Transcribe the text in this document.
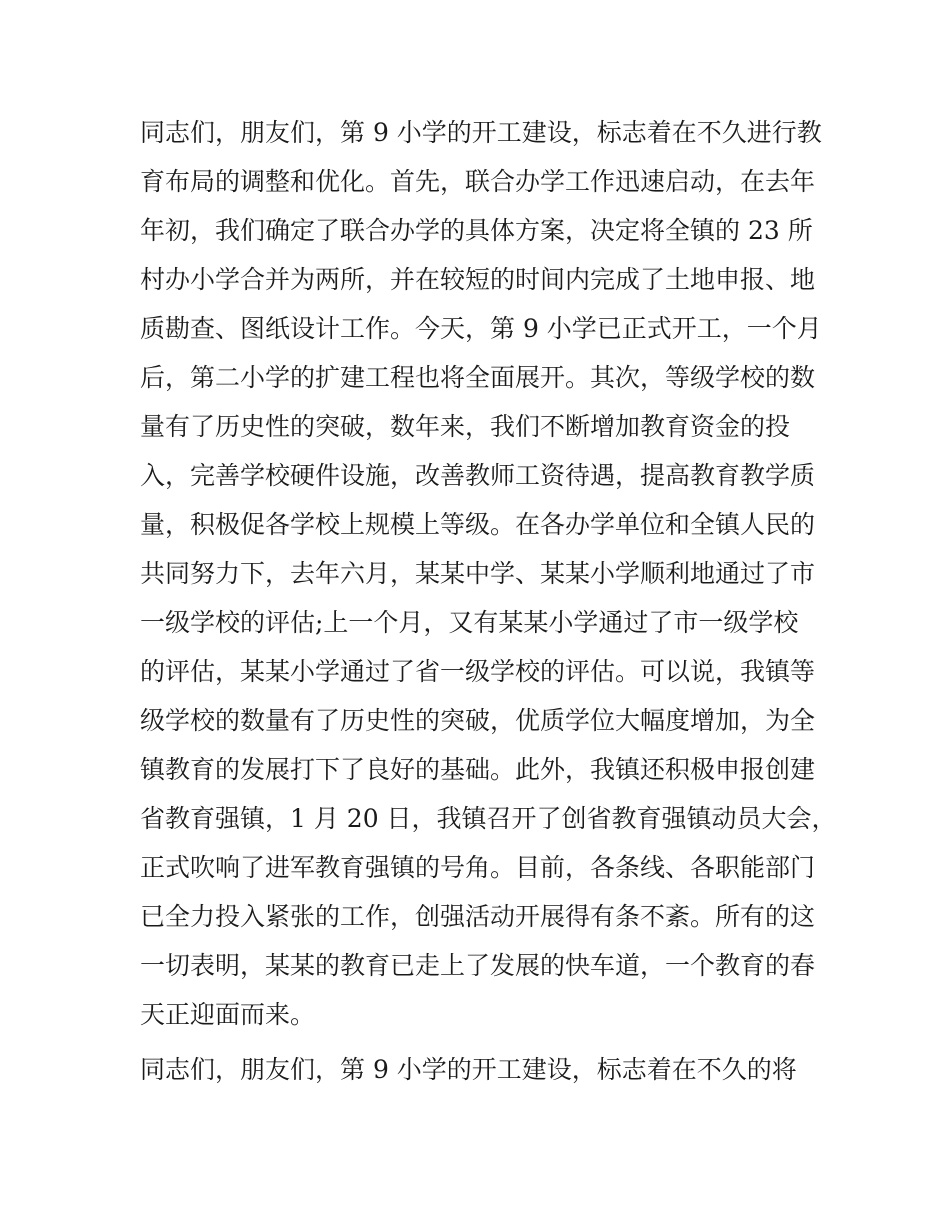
同志们，朋友们，第 9 小学的开工建设，标志着在不久进行教
育布局的调整和优化。首先，联合办学工作迅速启动，在去年
年初，我们确定了联合办学的具体方案，决定将全镇的 23 所
村办小学合并为两所，并在较短的时间内完成了土地申报、地
质勘查、图纸设计工作。今天，第 9 小学已正式开工，一个月
后，第二小学的扩建工程也将全面展开。其次，等级学校的数
量有了历史性的突破，数年来，我们不断增加教育资金的投
入，完善学校硬件设施，改善教师工资待遇，提高教育教学质
量，积极促各学校上规模上等级。在各办学单位和全镇人民的
共同努力下，去年六月，某某中学、某某小学顺利地通过了市
一级学校的评估;上一个月，又有某某小学通过了市一级学校
的评估，某某小学通过了省一级学校的评估。可以说，我镇等
级学校的数量有了历史性的突破，优质学位大幅度增加，为全
镇教育的发展打下了良好的基础。此外，我镇还积极申报创建
省教育强镇，1 月 20 日，我镇召开了创省教育强镇动员大会，
正式吹响了进军教育强镇的号角。目前，各条线、各职能部门
已全力投入紧张的工作，创强活动开展得有条不紊。所有的这
一切表明，某某的教育已走上了发展的快车道，一个教育的春
天正迎面而来。
同志们，朋友们，第 9 小学的开工建设，标志着在不久的将
